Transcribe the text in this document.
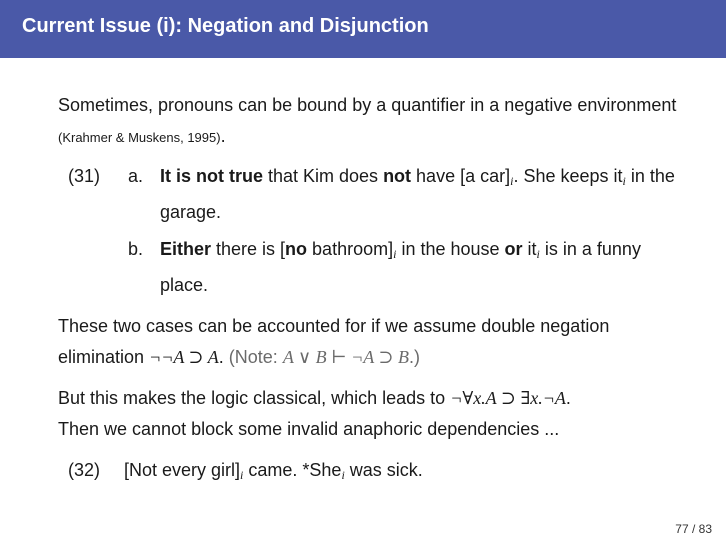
Current Issue (i): Negation and Disjunction

Sometimes, pronouns can be bound by a quantifier in a negative environment (Krahmer & Muskens, 1995).

(31) a. It is not true that Kim does not have [a $car]_i$. She keeps $it_i$ in the garage.
b. Either there is [no $bathroom]_i$ in the house or $it_i$ is in a funny place.

These two cases can be accounted for if we assume double negation elimination ¬¬A ⊃ A. (Note: A ∨ B ⊢ ¬A ⊃ B.)

But this makes the logic classical, which leads to ¬∀x.A ⊃ ∃x.¬A.
Then we cannot block some invalid anaphoric dependencies ...

(32) [Not every $girl]_i$ came. *She$_i$ was sick.
77 / 83
